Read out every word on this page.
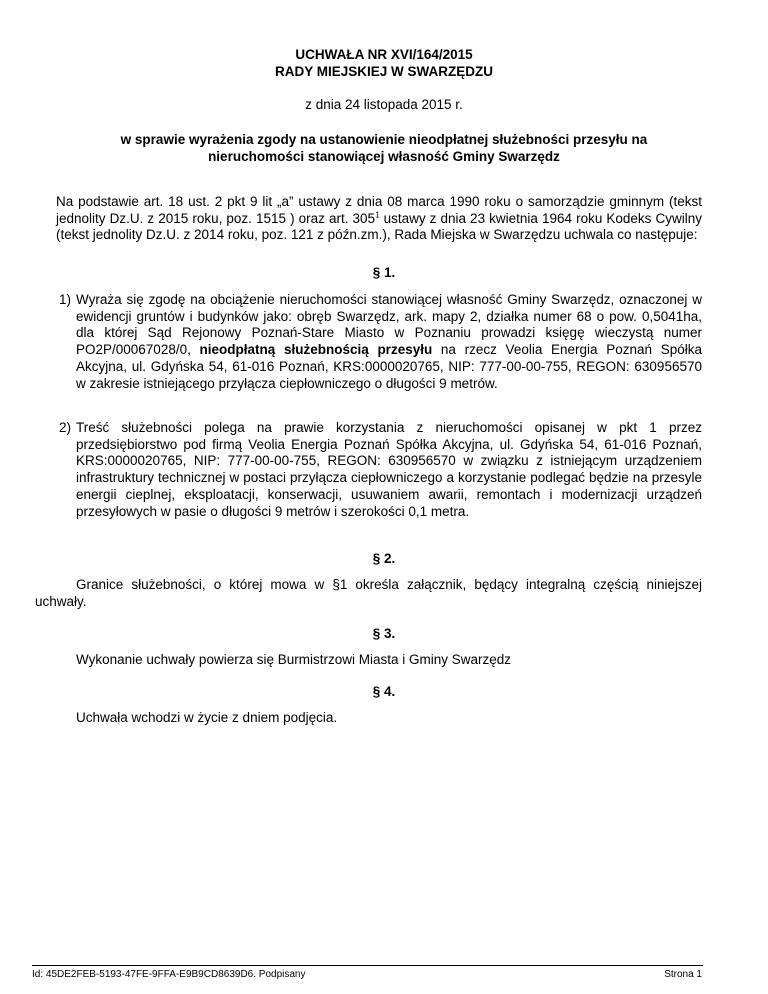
UCHWAŁA NR XVI/164/2015
RADY MIEJSKIEJ W SWARZĘDZU
z dnia 24 listopada 2015 r.
w sprawie wyrażenia zgody na ustanowienie nieodpłatnej służebności przesyłu na
nieruchomości stanowiącej własność Gminy Swarzędz
Na podstawie art. 18 ust. 2 pkt 9 lit „a” ustawy z dnia 08 marca 1990 roku o samorządzie gminnym (tekst jednolity Dz.U. z 2015 roku, poz. 1515 ) oraz art. $305^1$ ustawy z dnia 23 kwietnia 1964 roku Kodeks Cywilny (tekst jednolity Dz.U. z 2014 roku, poz. 121 z późn.zm.), Rada Miejska w Swarzędzu uchwala co następuje:
§ 1.
1) Wyraża się zgodę na obciążenie nieruchomości stanowiącej własność Gminy Swarzędz, oznaczonej w ewidencji gruntów i budynków jako: obręb Swarzędz, ark. mapy 2, działka numer 68 o pow. 0,5041ha, dla której Sąd Rejonowy Poznań-Stare Miasto w Poznaniu prowadzi księgę wieczystą numer PO2P/00067028/0, nieodpłatną służebnością przesyłu na rzecz Veolia Energia Poznań Spółka Akcyjna, ul. Gdyńska 54, 61-016 Poznań, KRS:0000020765, NIP: 777-00-00-755, REGON: 630956570 w zakresie istniejącego przyłącza ciepłowniczego o długości 9 metrów.
2) Treść służebności polega na prawie korzystania z nieruchomości opisanej w pkt 1 przez przedsiębiorstwo pod firmą Veolia Energia Poznań Spółka Akcyjna, ul. Gdyńska 54, 61-016 Poznań, KRS:0000020765, NIP: 777-00-00-755, REGON: 630956570 w związku z istniejącym urządzeniem infrastruktury technicznej w postaci przyłącza ciepłowniczego a korzystanie podlegać będzie na przesyle energii cieplnej, eksploatacji, konserwacji, usuwaniem awarii, remontach i modernizacji urządzeń przesyłowych w pasie o długości 9 metrów i szerokości 0,1 metra.
§ 2.
Granice służebności, o której mowa w §1 określa załącznik, będący integralną częścią niniejszej uchwały.
§ 3.
Wykonanie uchwały powierza się Burmistrzowi Miasta i Gminy Swarzędz
§ 4.
Uchwała wchodzi w życie z dniem podjęcia.
Id: 45DE2FEB-5193-47FE-9FFA-E9B9CD8639D6. Podpisany	Strona 1
